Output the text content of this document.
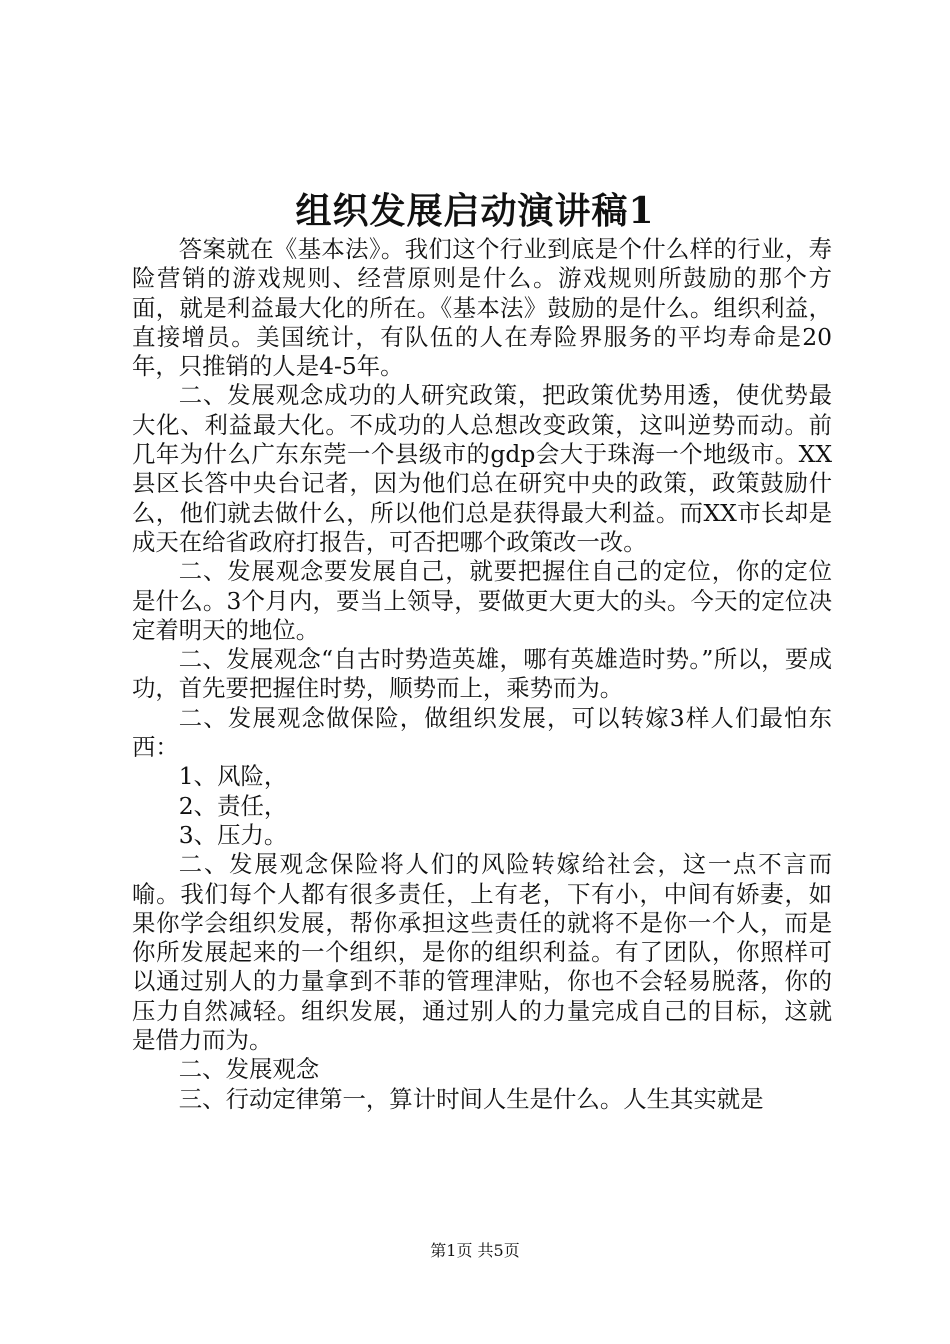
组织发展启动演讲稿1

答案就在《基本法》。我们这个行业到底是个什么样的行业，寿险营销的游戏规则、经营原则是什么。游戏规则所鼓励的那个方面，就是利益最大化的所在。《基本法》鼓励的是什么。组织利益，直接增员。美国统计，有队伍的人在寿险界服务的平均寿命是20年，只推销的人是4-5年。

二、发展观念成功的人研究政策，把政策优势用透，使优势最大化、利益最大化。不成功的人总想改变政策，这叫逆势而动。前几年为什么广东东莞一个县级市的gdp会大于珠海一个地级市。XX县区长答中央台记者，因为他们总在研究中央的政策，政策鼓励什么，他们就去做什么，所以他们总是获得最大利益。而XX市长却是成天在给省政府打报告，可否把哪个政策改一改。

二、发展观念要发展自己，就要把握住自己的定位，你的定位是什么。3个月内，要当上领导，要做更大更大的头。今天的定位决定着明天的地位。

二、发展观念“自古时势造英雄，哪有英雄造时势。”所以，要成功，首先要把握住时势，顺势而上，乘势而为。

二、发展观念做保险，做组织发展，可以转嫁3样人们最怕东西：

1、风险，

2、责任，

3、压力。

二、发展观念保险将人们的风险转嫁给社会，这一点不言而喻。我们每个人都有很多责任，上有老，下有小，中间有娇妻，如果你学会组织发展，帮你承担这些责任的就将不是你一个人，而是你所发展起来的一个组织，是你的组织利益。有了团队，你照样可以通过别人的力量拿到不菲的管理津贴，你也不会轻易脱落，你的压力自然减轻。组织发展，通过别人的力量完成自己的目标，这就是借力而为。

二、发展观念

三、行动定律第一，算计时间人生是什么。人生其实就是

第1页 共5页
